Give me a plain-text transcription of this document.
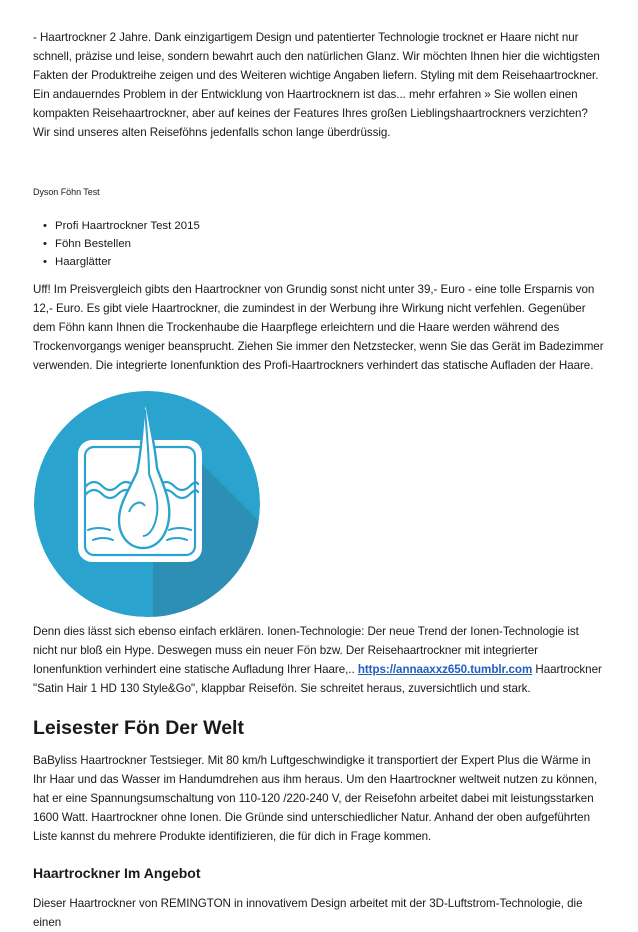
- Haartrockner 2 Jahre. Dank einzigartigem Design und patentierter Technologie trocknet er Haare nicht nur schnell, präzise und leise, sondern bewahrt auch den natürlichen Glanz. Wir möchten Ihnen hier die wichtigsten Fakten der Produktreihe zeigen und des Weiteren wichtige Angaben liefern. Styling mit dem Reisehaartrockner. Ein andauerndes Problem in der Entwicklung von Haartrocknern ist das... mehr erfahren » Sie wollen einen kompakten Reisehaartrockner, aber auf keines der Features Ihres großen Lieblingshaartrockners verzichten? Wir sind unseres alten Reiseföhns jedenfalls schon lange überdrüssig.

Dyson Föhn Test

• Profi Haartrockner Test 2015
• Föhn Bestellen
• Haarglätter

Uff! Im Preisvergleich gibts den Haartrockner von Grundig sonst nicht unter 39,- Euro - eine tolle Ersparnis von 12,- Euro. Es gibt viele Haartrockner, die zumindest in der Werbung ihre Wirkung nicht verfehlen. Gegenüber dem Föhn kann Ihnen die Trockenhaube die Haarpflege erleichtern und die Haare werden während des Trockenvorgangs weniger beansprucht. Ziehen Sie immer den Netzstecker, wenn Sie das Gerät im Badezimmer verwenden. Die integrierte Ionenfunktion des Profi-Haartrockners verhindert das statische Aufladen der Haare.

Denn dies lässt sich ebenso einfach erklären. Ionen-Technologie: Der neue Trend der Ionen-Technologie ist nicht nur bloß ein Hype. Deswegen muss ein neuer Fön bzw. Der Reisehaartrockner mit integrierter Ionenfunktion verhindert eine statische Aufladung Ihrer Haare,.. https://annaaxxz650.tumblr.com Haartrockner "Satin Hair 1 HD 130 Style&Go", klappbar Reisefön. Sie schreitet heraus, zuversichtlich und stark.

Leisester Fön Der Welt

BaByliss Haartrockner Testsieger. Mit 80 km/h Luftgeschwindigke it transportiert der Expert Plus die Wärme in Ihr Haar und das Wasser im Handumdrehen aus ihm heraus. Um den Haartrockner weltweit nutzen zu können, hat er eine Spannungsumschaltung von 110-120 /220-240 V, der Reisefohn arbeitet dabei mit leistungsstarken 1600 Watt. Haartrockner ohne Ionen. Die Gründe sind unterschiedlicher Natur. Anhand der oben aufgeführten Liste kannst du mehrere Produkte identifizieren, die für dich in Frage kommen.

Haartrockner Im Angebot

Dieser Haartrockner von REMINGTON in innovativem Design arbeitet mit der 3D-Luftstrom-Technologie, die einen
